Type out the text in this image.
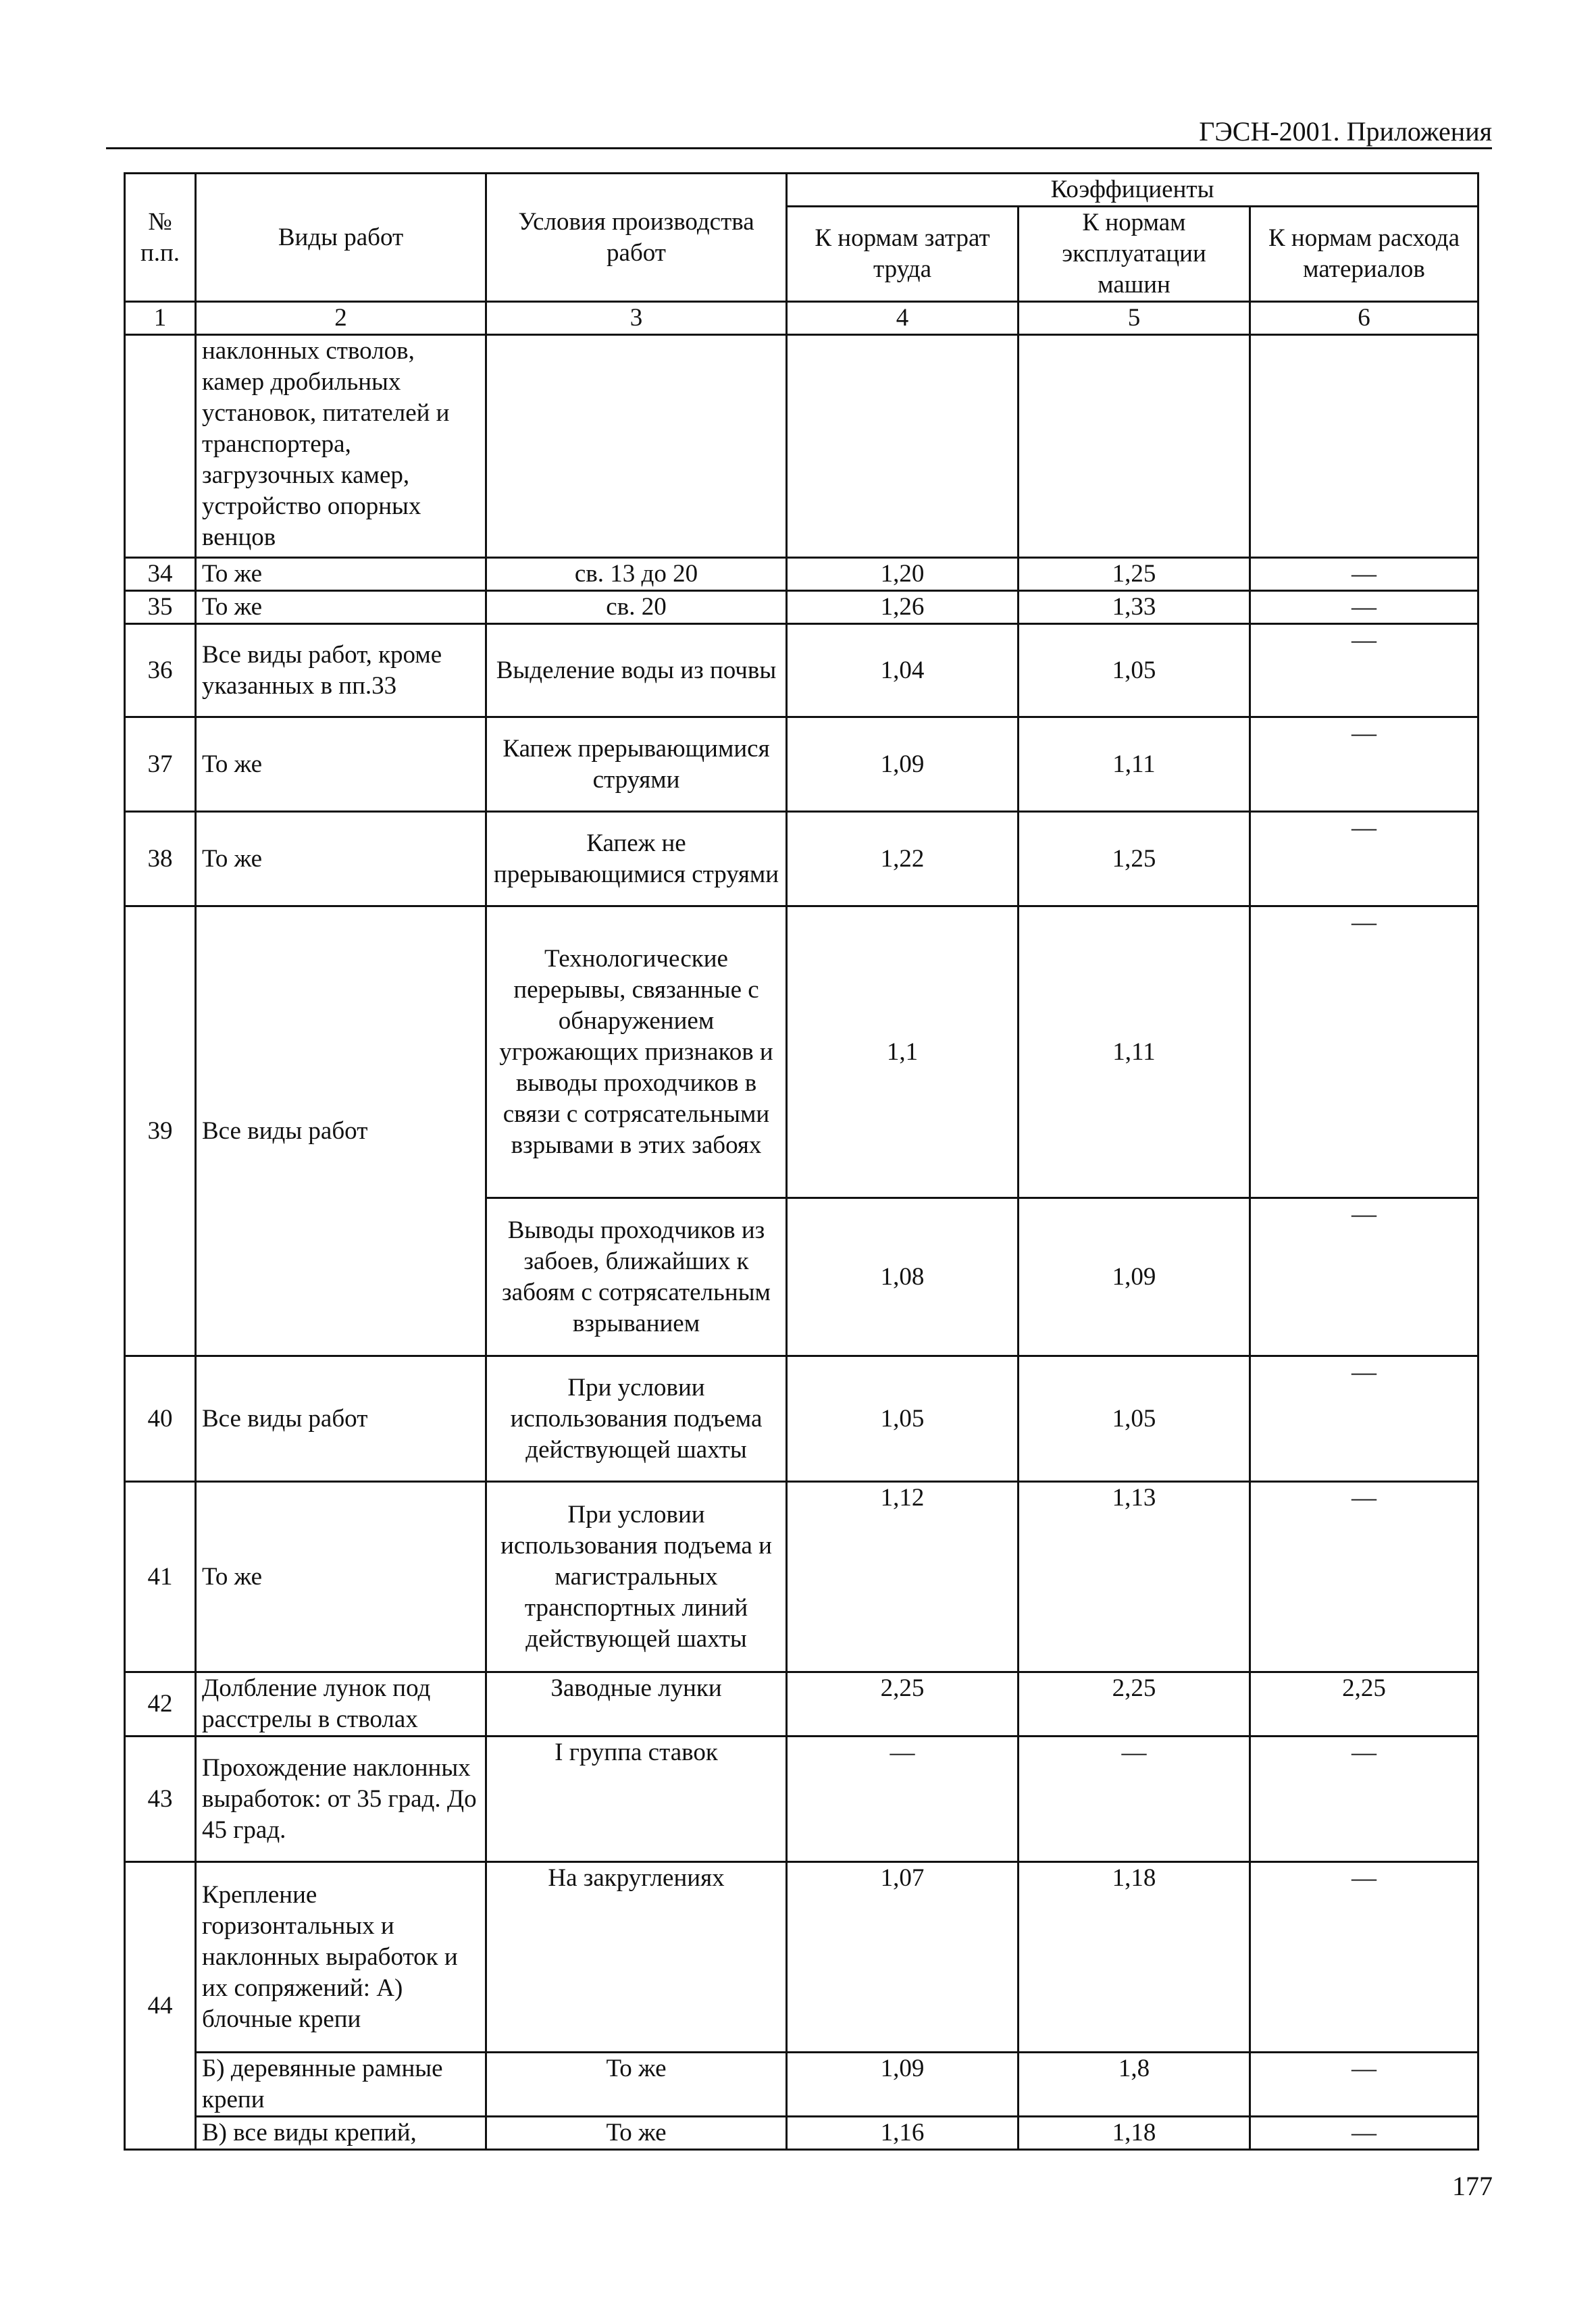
ГЭСН-2001. Приложения
№ п.п.	Виды работ	Условия производства работ	Коэффициенты		
			К нормам затрат труда	К нормам эксплуатации машин	К нормам расхода материалов
1	2	3	4	5	6
	наклонных стволов, камер дробильных установок, питателей и транспортера, загрузочных камер, устройство опорных венцов				
34	То же	св. 13 до 20	1,20	1,25	—
35	То же	св. 20	1,26	1,33	—
36	Все виды работ, кроме указанных в пп.33	Выделение воды из почвы	1,04	1,05	—
37	То же	Капеж прерывающимися струями	1,09	1,11	—
38	То же	Капеж не прерывающимися струями	1,22	1,25	—
39	Все виды работ	Технологические перерывы, связанные с обнаружением угрожающих признаков и выводы проходчиков в связи с сотрясательными взрывами в этих забоях	1,1	1,11	—
		Выводы проходчиков из забоев, ближайших к забоям с сотрясательным взрыванием	1,08	1,09	—
40	Все виды работ	При условии использования подъема действующей шахты	1,05	1,05	—
41	То же	При условии использования подъема и магистральных транспортных линий действующей шахты	1,12	1,13	—
42	Долбление лунок под расстрелы в стволах	Заводные лунки	2,25	2,25	2,25
43	Прохождение наклонных выработок: от 35 град. До 45 град.	I группа ставок	—	—	—
44	Крепление горизонтальных и наклонных выработок и их сопряжений: А) блочные крепи	На закруглениях	1,07	1,18	—
	Б) деревянные рамные крепи	То же	1,09	1,8	—
	В) все виды крепий,	То же	1,16	1,18	—
177
